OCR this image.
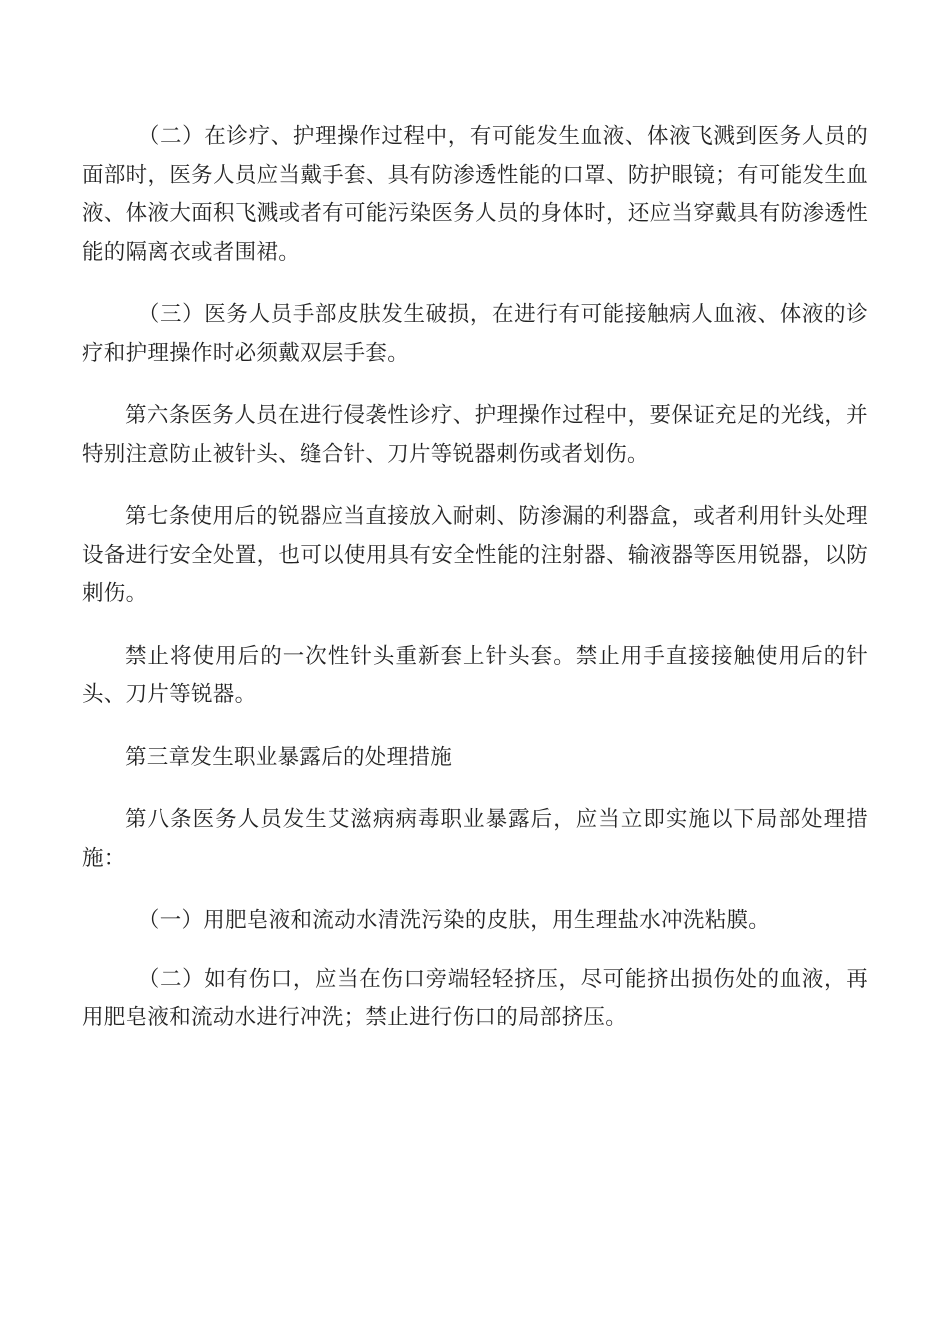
（二）在诊疗、护理操作过程中，有可能发生血液、体液飞溅到医务人员的面部时，医务人员应当戴手套、具有防渗透性能的口罩、防护眼镜；有可能发生血液、体液大面积飞溅或者有可能污染医务人员的身体时，还应当穿戴具有防渗透性能的隔离衣或者围裙。

（三）医务人员手部皮肤发生破损，在进行有可能接触病人血液、体液的诊疗和护理操作时必须戴双层手套。

第六条医务人员在进行侵袭性诊疗、护理操作过程中，要保证充足的光线，并特别注意防止被针头、缝合针、刀片等锐器刺伤或者划伤。

第七条使用后的锐器应当直接放入耐刺、防渗漏的利器盒，或者利用针头处理设备进行安全处置，也可以使用具有安全性能的注射器、输液器等医用锐器，以防刺伤。

禁止将使用后的一次性针头重新套上针头套。禁止用手直接接触使用后的针头、刀片等锐器。

第三章发生职业暴露后的处理措施

第八条医务人员发生艾滋病病毒职业暴露后，应当立即实施以下局部处理措施：

（一）用肥皂液和流动水清洗污染的皮肤，用生理盐水冲洗粘膜。

（二）如有伤口，应当在伤口旁端轻轻挤压，尽可能挤出损伤处的血液，再用肥皂液和流动水进行冲洗；禁止进行伤口的局部挤压。
